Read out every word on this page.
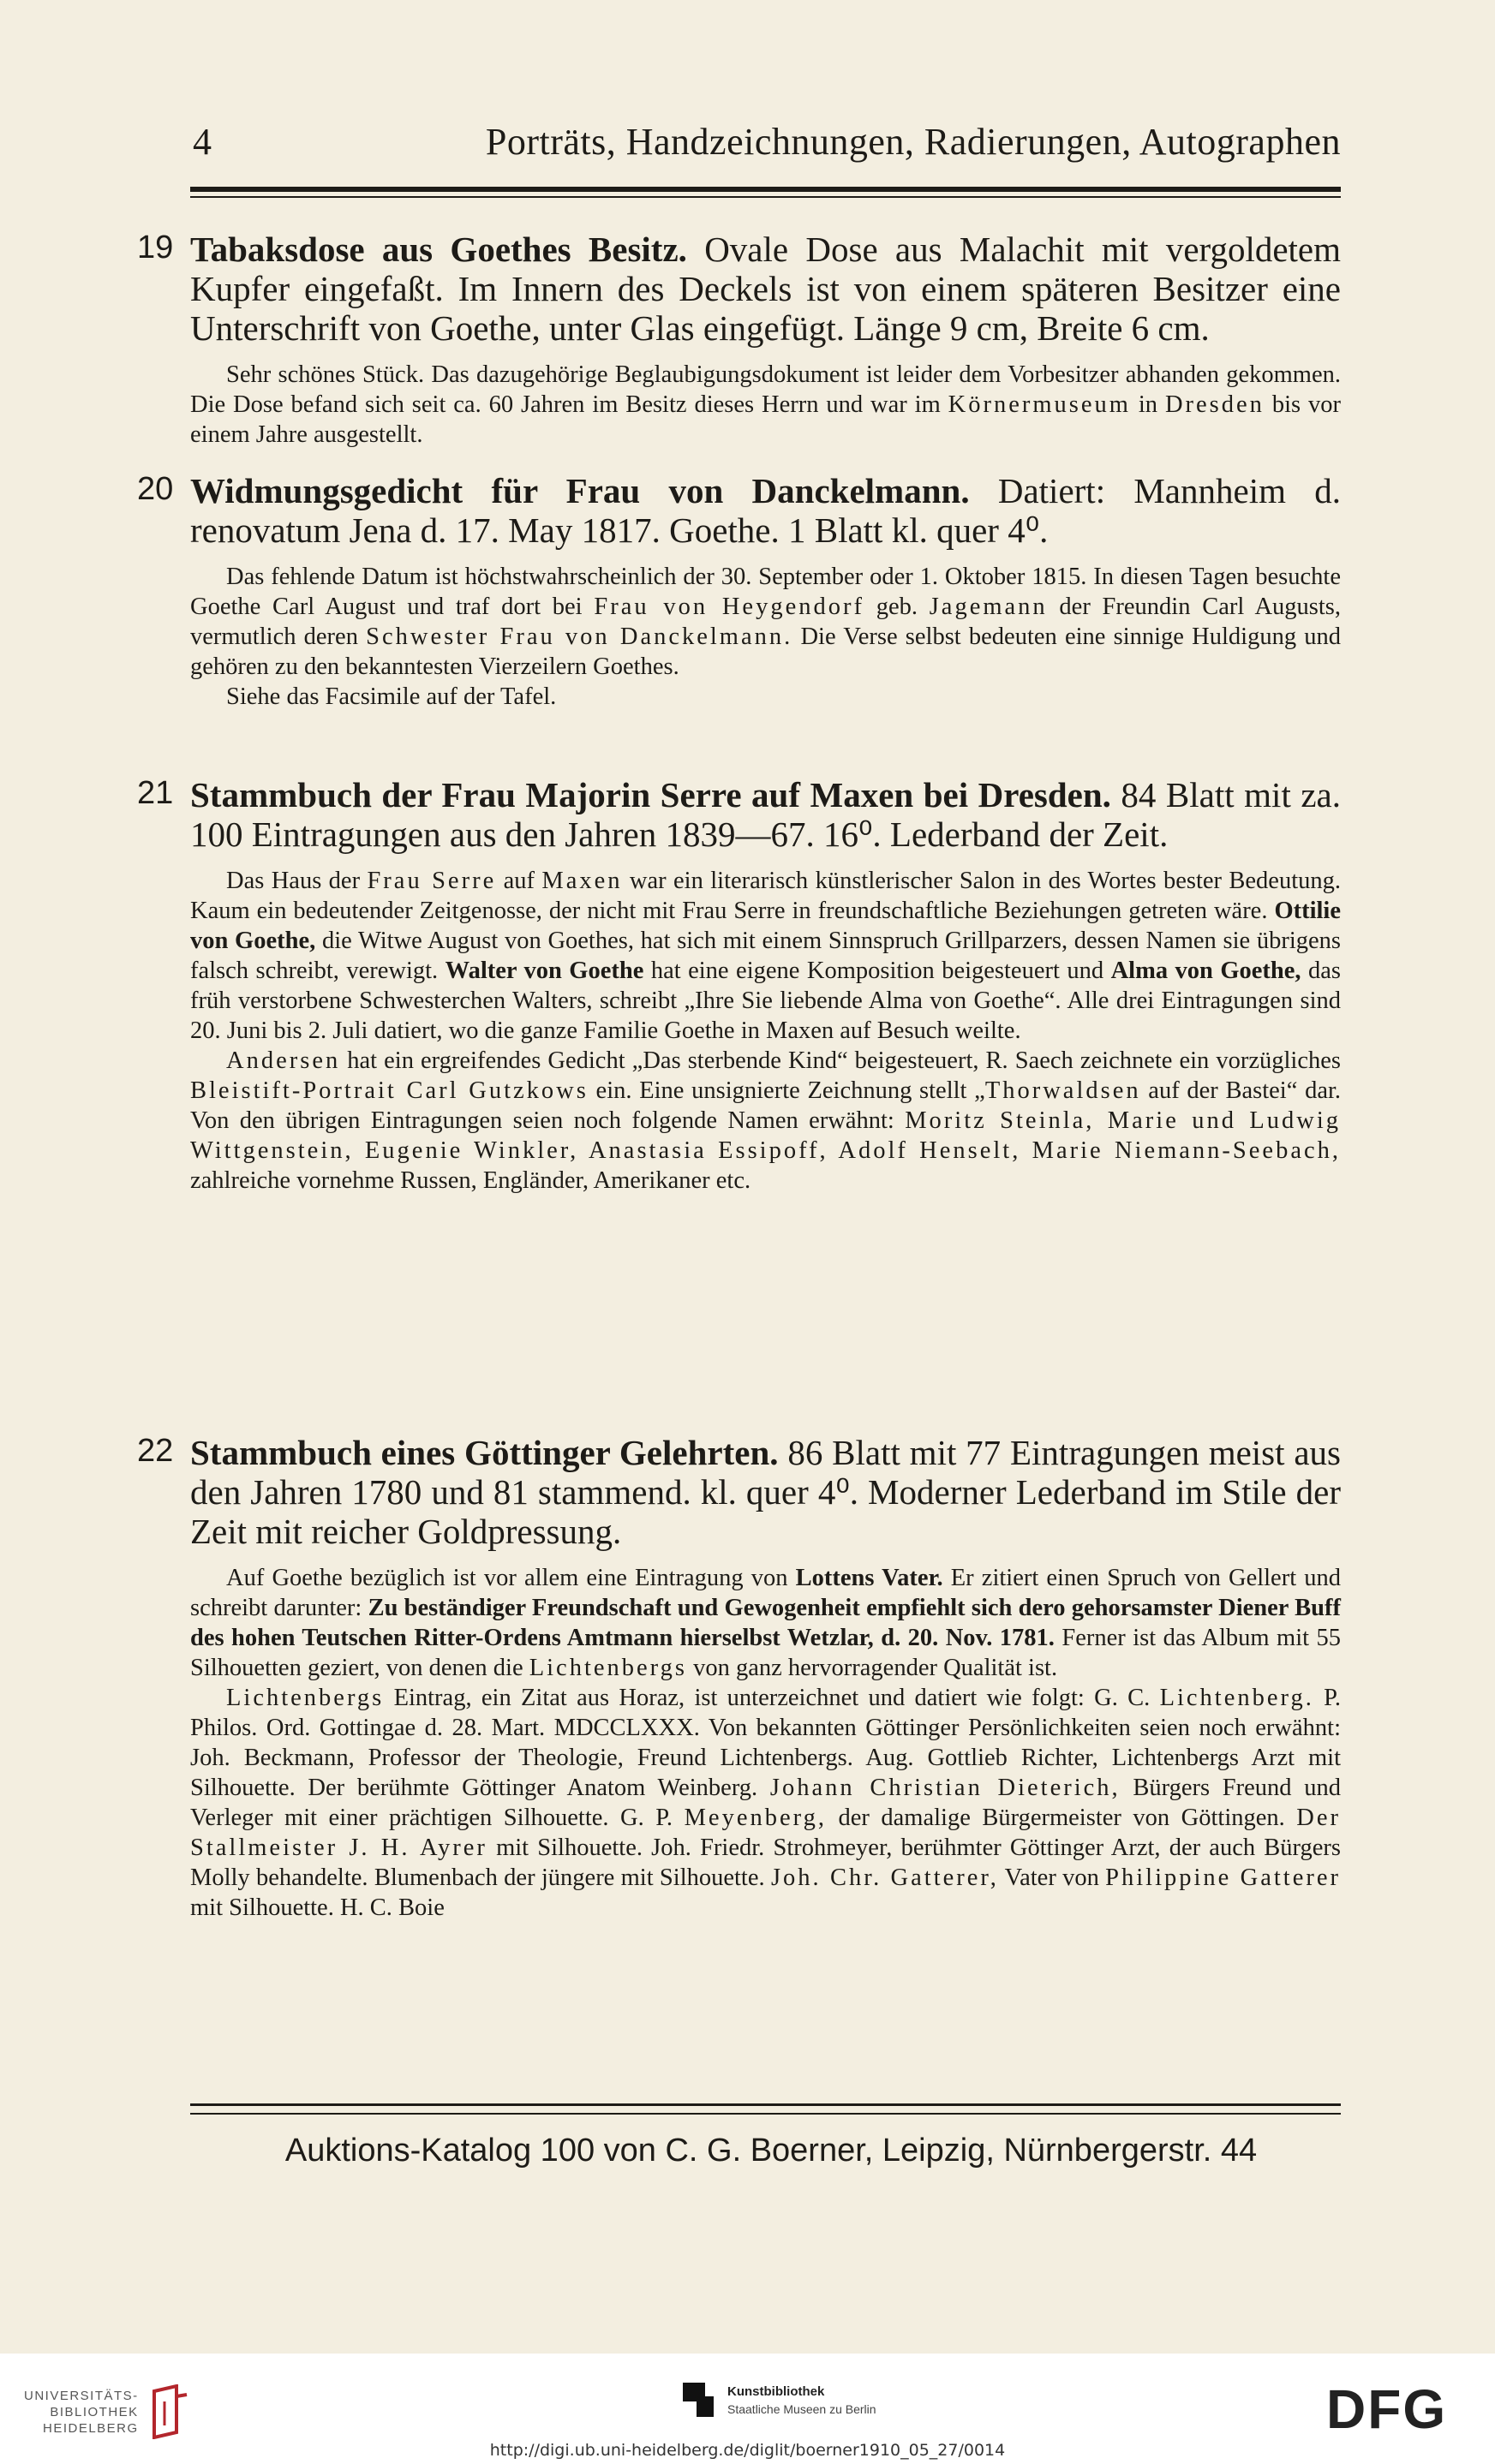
4	Porträts, Handzeichnungen, Radierungen, Autographen
19 Tabaksdose aus Goethes Besitz. Ovale Dose aus Malachit mit vergoldetem Kupfer eingefaßt. Im Innern des Deckels ist von einem späteren Besitzer eine Unterschrift von Goethe, unter Glas eingefügt. Länge 9 cm, Breite 6 cm.

Sehr schönes Stück. Das dazugehörige Beglaubigungsdokument ist leider dem Vorbesitzer abhanden gekommen. Die Dose befand sich seit ca. 60 Jahren im Besitz dieses Herrn und war im Körnermuseum in Dresden bis vor einem Jahre ausgestellt.

20 Widmungsgedicht für Frau von Danckelmann. Datiert: Mannheim d. renovatum Jena d. 17. May 1817. Goethe. 1 Blatt kl. quer 4⁰.

Das fehlende Datum ist höchstwahrscheinlich der 30. September oder 1. Oktober 1815. In diesen Tagen besuchte Goethe Carl August und traf dort bei Frau von Heygendorf geb. Jagemann der Freundin Carl Augusts, vermutlich deren Schwester Frau von Danckelmann. Die Verse selbst bedeuten eine sinnige Huldigung und gehören zu den bekanntesten Vierzeilern Goethes.

Siehe das Facsimile auf der Tafel.

21 Stammbuch der Frau Majorin Serre auf Maxen bei Dresden. 84 Blatt mit za. 100 Eintragungen aus den Jahren 1839—67. 16⁰. Lederband der Zeit.

Das Haus der Frau Serre auf Maxen war ein literarisch künstlerischer Salon in des Wortes bester Bedeutung. Kaum ein bedeutender Zeitgenosse, der nicht mit Frau Serre in freundschaftliche Beziehungen getreten wäre. Ottilie von Goethe, die Witwe August von Goethes, hat sich mit einem Sinnspruch Grillparzers, dessen Namen sie übrigens falsch schreibt, verewigt. Walter von Goethe hat eine eigene Komposition beigesteuert und Alma von Goethe, das früh verstorbene Schwesterchen Walters, schreibt „Ihre Sie liebende Alma von Goethe“. Alle drei Eintragungen sind 20. Juni bis 2. Juli datiert, wo die ganze Familie Goethe in Maxen auf Besuch weilte.

Andersen hat ein ergreifendes Gedicht „Das sterbende Kind“ beigesteuert, R. Saech zeichnete ein vorzügliches Bleistift-Portrait Carl Gutzkows ein. Eine unsignierte Zeichnung stellt „Thorwaldsen auf der Bastei“ dar. Von den übrigen Eintragungen seien noch folgende Namen erwähnt: Moritz Steinla, Marie und Ludwig Wittgenstein, Eugenie Winkler, Anastasia Essipoff, Adolf Henselt, Marie Niemann-Seebach, zahlreiche vornehme Russen, Engländer, Amerikaner etc.

22 Stammbuch eines Göttinger Gelehrten. 86 Blatt mit 77 Eintragungen meist aus den Jahren 1780 und 81 stammend. kl. quer 4⁰. Moderner Lederband im Stile der Zeit mit reicher Goldpressung.

Auf Goethe bezüglich ist vor allem eine Eintragung von Lottens Vater. Er zitiert einen Spruch von Gellert und schreibt darunter: Zu beständiger Freundschaft und Gewogenheit empfiehlt sich dero gehorsamster Diener Buff des hohen Teutschen Ritter-Ordens Amtmann hierselbst Wetzlar, d. 20. Nov. 1781. Ferner ist das Album mit 55 Silhouetten geziert, von denen die Lichtenbergs von ganz hervorragender Qualität ist.

Lichtenbergs Eintrag, ein Zitat aus Horaz, ist unterzeichnet und datiert wie folgt: G. C. Lichtenberg. P. Philos. Ord. Gottingae d. 28. Mart. MDCCLXXX. Von bekannten Göttinger Persönlichkeiten seien noch erwähnt: Joh. Beckmann, Professor der Theologie, Freund Lichtenbergs. Aug. Gottlieb Richter, Lichtenbergs Arzt mit Silhouette. Der berühmte Göttinger Anatom Weinberg. Johann Christian Dieterich, Bürgers Freund und Verleger mit einer prächtigen Silhouette. G. P. Meyenberg, der damalige Bürgermeister von Göttingen. Der Stallmeister J. H. Ayrer mit Silhouette. Joh. Friedr. Strohmeyer, berühmter Göttinger Arzt, der auch Bürgers Molly behandelte. Blumenbach der jüngere mit Silhouette. Joh. Chr. Gatterer, Vater von Philippine Gatterer mit Silhouette. H. C. Boie

Auktions-Katalog 100 von C. G. Boerner, Leipzig, Nürnbergerstr. 44
UNIVERSITÄTS-
BIBLIOTHEK
HEIDELBERG
Kunstbibliothek
Staatliche Museen zu Berlin	DFG
http://digi.ub.uni-heidelberg.de/diglit/boerner1910_05_27/0014
